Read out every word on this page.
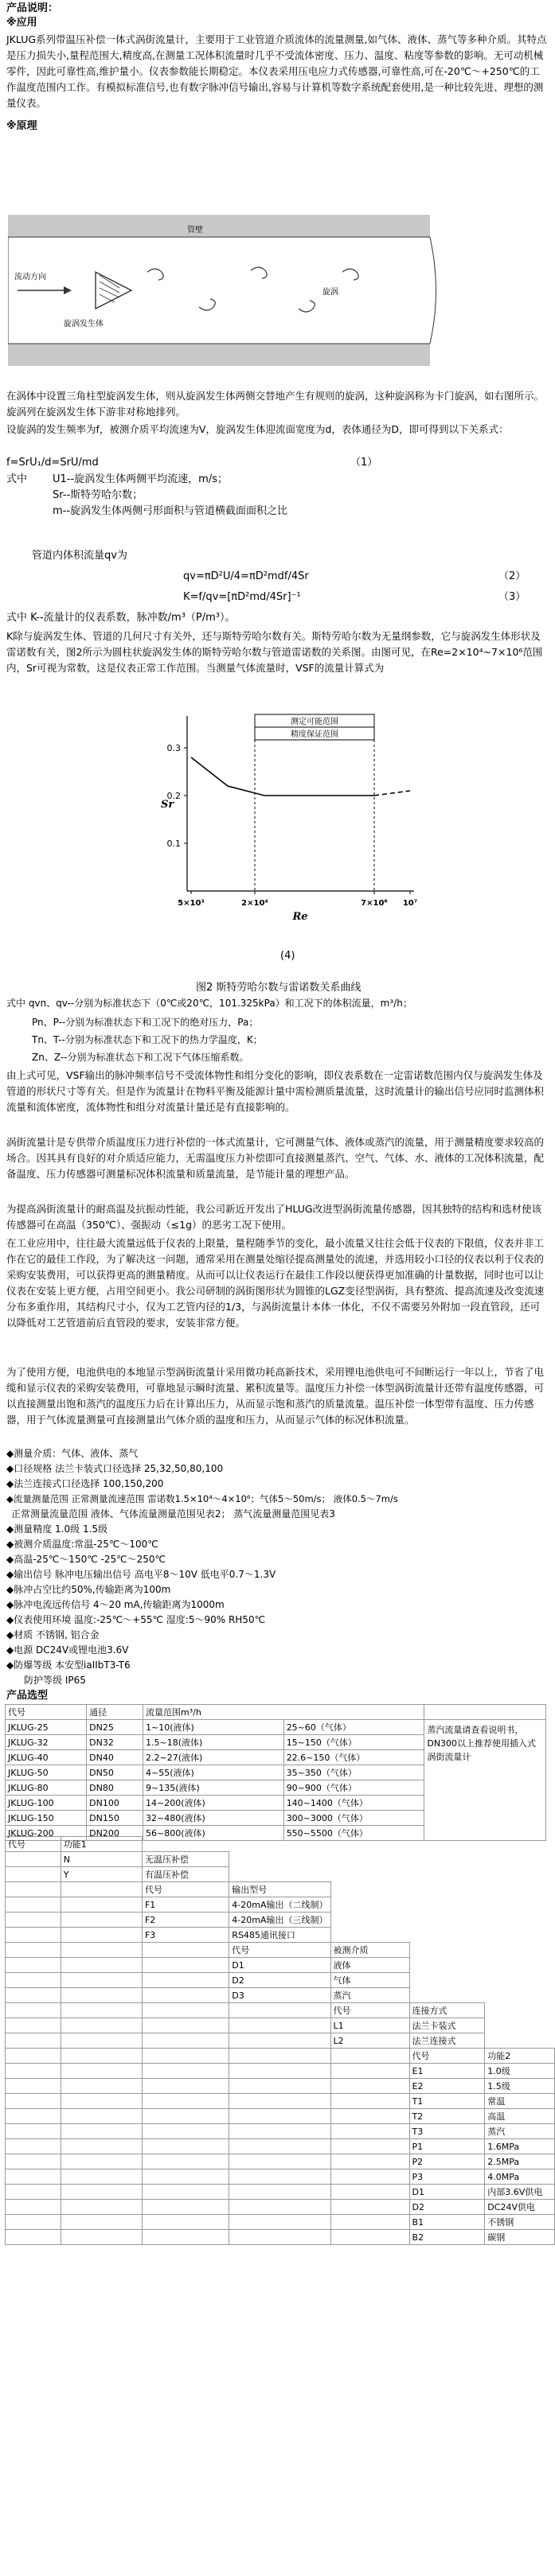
产品说明：
※应用
JKLUG系列带温压补偿一体式涡街流量计，主要用于工业管道介质流体的流量测量,如气体、液体、蒸气等多种介质。其特点是压力损失小,量程范围大,精度高,在测量工况体积流量时几乎不受流体密度、压力、温度、粘度等参数的影响。无可动机械零件，因此可靠性高,维护量小。仪表参数能长期稳定。本仪表采用压电应力式传感器,可靠性高,可在-20℃～+250℃的工作温度范围内工作。有模拟标准信号,也有数字脉冲信号输出,容易与计算机等数字系统配套使用,是一种比较先进、理想的测量仪表。
※原理
流动方向
旋涡发生体
管壁
旋涡
在涡体中设置三角柱型旋涡发生体，则从旋涡发生体两侧交替地产生有规则的旋涡，这种旋涡称为卡门旋涡，如右图所示。旋涡列在旋涡发生体下游非对称地排列。
设旋涡的发生频率为f，被测介质平均流速为V，旋涡发生体迎流面宽度为d，表体通径为D，即可得到以下关系式：
f=SrU₁/d=SrU/md	（1）
式中 U1--旋涡发生体两侧平均流速，m/s；
Sr--斯特劳哈尔数；
m--旋涡发生体两侧弓形面积与管道横截面面积之比
管道内体积流量qv为
qv=πD²U/4=πD²mdf/4Sr	（2）
K=f/qv=[πD²md/4Sr]⁻¹	（3）
式中 K--流量计的仪表系数，脉冲数/m³（P/m³）。
K除与旋涡发生体、管道的几何尺寸有关外，还与斯特劳哈尔数有关。斯特劳哈尔数为无量纲参数，它与旋涡发生体形状及雷诺数有关，图2所示为圆柱状旋涡发生体的斯特劳哈尔数与管道雷诺数的关系图。由图可见，在Re=2×10⁴~7×10⁶范围内，Sr可视为常数，这是仪表正常工作范围。当测量气体流量时，VSF的流量计算式为
0.3
0.2
0.1
Sr
5×10³	2×10⁴	7×10⁶ 10⁷
Re
测定可能范围
精度保证范围
(4)
图2 斯特劳哈尔数与雷诺数关系曲线
式中 qvn、qv--分别为标准状态下（0℃或20℃，101.325kPa）和工况下的体积流量，m³/h；
Pn、P--分别为标准状态下和工况下的绝对压力，Pa；
Tn、T--分别为标准状态下和工况下的热力学温度，K；
Zn、Z--分别为标准状态下和工况下气体压缩系数。
由上式可见，VSF输出的脉冲频率信号不受流体物性和组分变化的影响，即仪表系数在一定雷诺数范围内仅与旋涡发生体及管道的形状尺寸等有关。但是作为流量计在物料平衡及能源计量中需检测质量流量，这时流量计的输出信号应同时监测体积流量和流体密度，流体物性和组分对流量计量还是有直接影响的。
涡街流量计是专供带介质温度压力进行补偿的一体式流量计，它可测量气体、液体或蒸汽的流量，用于测量精度要求较高的场合。因其具有良好的对介质适应能力，无需温度压力补偿即可直接测量蒸汽、空气、气体、水、液体的工况体积流量，配备温度、压力传感器可测量标况体积流量和质量流量，是节能计量的理想产品。
为提高涡街流量计的耐高温及抗振动性能，我公司新近开发出了HLUG改进型涡街流量传感器，因其独特的结构和选材使该传感器可在高温（350℃）、强振动（≤1g）的恶劣工况下使用。
在工业应用中，往往最大流量远低于仪表的上限量，量程随季节的变化，最小流量又往往会低于仪表的下限值，仪表并非工作在它的最佳工作段，为了解决这一问题，通常采用在测量处缩径提高测量处的流速，并选用较小口径的仪表以利于仪表的采购安装费用，可以获得更高的测量精度。从而可以让仪表运行在最佳工作段以便获得更加准确的计量数据，同时也可以让仪表在安装上更方便，占用空间更小。我公司研制的涡街图形状为圆锥的LGZ变径型涡街，具有整流、提高流速及改变流速分布多重作用，其结构尺寸小，仅为工艺管内径的1/3，与涡街流量计本体一体化，不仅不需要另外附加一段直管段，还可以降低对工艺管道前后直管段的要求，安装非常方便。
为了使用方便，电池供电的本地显示型涡街流量计采用微功耗高新技术，采用锂电池供电可不间断运行一年以上，节省了电缆和显示仪表的采购安装费用，可靠地显示瞬时流量、累积流量等。温度压力补偿一体型涡街流量计还带有温度传感器，可以直接测量出饱和蒸汽的温度压力后在计算出压力，从而显示饱和蒸汽的质量流量。温压补偿一体型带有温度、压力传感器，用于气体流量测量可直接测量出气体介质的温度和压力，从而显示气体的标况体积流量。
◆测量介质：气体、液体、蒸气
◆口径规格 法兰卡装式口径选择 25,32,50,80,100
◆法兰连接式口径选择 100,150,200
◆流量测量范围 正常测量流速范围 雷诺数1.5×10⁴～4×10⁶；气体5～50m/s； 液体0.5～7m/s
正常测量流量范围 液体、气体流量测量范围见表2； 蒸气流量测量范围见表3
◆测量精度 1.0级 1.5级
◆被测介质温度:常温-25℃～100℃
◆高温-25℃～150℃ -25℃～250℃
◆输出信号 脉冲电压输出信号 高电平8～10V 低电平0.7～1.3V
◆脉冲占空比约50%,传输距离为100m
◆脉冲电流远传信号 4～20 mA,传输距离为1000m
◆仪表使用环境 温度:-25℃～+55℃ 湿度:5～90% RH50℃
◆材质 不锈钢, 铝合金
◆电源 DC24V或锂电池3.6V
◆防爆等级 本安型iaIIbT3-T6
防护等级 IP65
产品选型
代号	通径	流量范围m³/h		
JKLUG-25	DN25	1~10(液体)	25~60（气体）	蒸汽流量请查看说明书，DN300以上推荐使用插入式涡街流量计
JKLUG-32	DN32	1.5~18(液体)	15~150（气体）	
JKLUG-40	DN40	2.2~27(液体)	22.6~150（气体）	
JKLUG-50	DN50	4~55(液体)	35~350（气体）	
JKLUG-80	DN80	9~135(液体)	90~900（气体）	
JKLUG-100	DN100	14~200(液体)	140~1400（气体）	
JKLUG-150	DN150	32~480(液体)	300~3000（气体）	
JKLUG-200	DN200	56~800(液体)	550~5500（气体）	
代号	功能1					
	N	无温压补偿				
	Y	有温压补偿				
		代号	输出型号			
		F1	4-20mA输出（二线制）			
		F2	4-20mA输出（三线制）			
		F3	RS485通讯接口			
			代号	被测介质		
			D1	液体		
			D2	气体		
			D3	蒸汽		
				代号	连接方式	
				L1	法兰卡装式	
				L2	法兰连接式	
					代号	功能2
					E1	1.0级
					E2	1.5级
					T1	常温
					T2	高温
					T3	蒸汽
					P1	1.6MPa
					P2	2.5MPa
					P3	4.0MPa
					D1	内部3.6V供电
					D2	DC24V供电
					B1	不锈钢
					B2	碳钢
